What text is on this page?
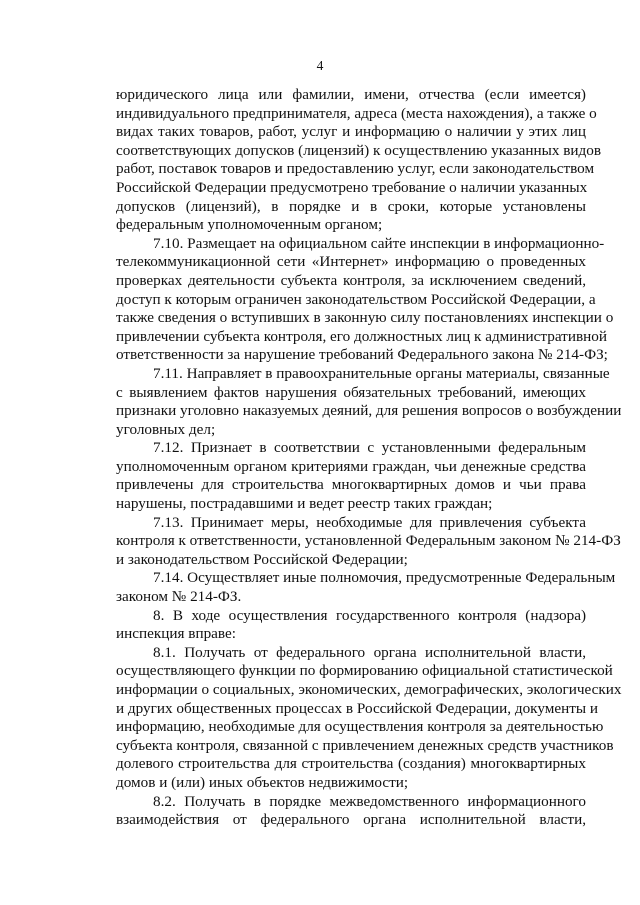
4
юридического лица или фамилии, имени, отчества (если имеется)
индивидуального предпринимателя, адреса (места нахождения), а также о
видах таких товаров, работ, услуг и информацию о наличии у этих лиц
соответствующих допусков (лицензий) к осуществлению указанных видов
работ, поставок товаров и предоставлению услуг, если законодательством
Российской Федерации предусмотрено требование о наличии указанных
допусков (лицензий), в порядке и в сроки, которые установлены
федеральным уполномоченным органом;
7.10. Размещает на официальном сайте инспекции в информационно-
телекоммуникационной сети «Интернет» информацию о проведенных
проверках деятельности субъекта контроля, за исключением сведений,
доступ к которым ограничен законодательством Российской Федерации, а
также сведения о вступивших в законную силу постановлениях инспекции о
привлечении субъекта контроля, его должностных лиц к административной
ответственности за нарушение требований Федерального закона № 214-ФЗ;
7.11. Направляет в правоохранительные органы материалы, связанные
с выявлением фактов нарушения обязательных требований, имеющих
признаки уголовно наказуемых деяний, для решения вопросов о возбуждении
уголовных дел;
7.12. Признает в соответствии с установленными федеральным
уполномоченным органом критериями граждан, чьи денежные средства
привлечены для строительства многоквартирных домов и чьи права
нарушены, пострадавшими и ведет реестр таких граждан;
7.13. Принимает меры, необходимые для привлечения субъекта
контроля к ответственности, установленной Федеральным законом № 214-ФЗ
и законодательством Российской Федерации;
7.14. Осуществляет иные полномочия, предусмотренные Федеральным
законом № 214-ФЗ.
8. В ходе осуществления государственного контроля (надзора)
инспекция вправе:
8.1. Получать от федерального органа исполнительной власти,
осуществляющего функции по формированию официальной статистической
информации о социальных, экономических, демографических, экологических
и других общественных процессах в Российской Федерации, документы и
информацию, необходимые для осуществления контроля за деятельностью
субъекта контроля, связанной с привлечением денежных средств участников
долевого строительства для строительства (создания) многоквартирных
домов и (или) иных объектов недвижимости;
8.2. Получать в порядке межведомственного информационного
взаимодействия от федерального органа исполнительной власти,
